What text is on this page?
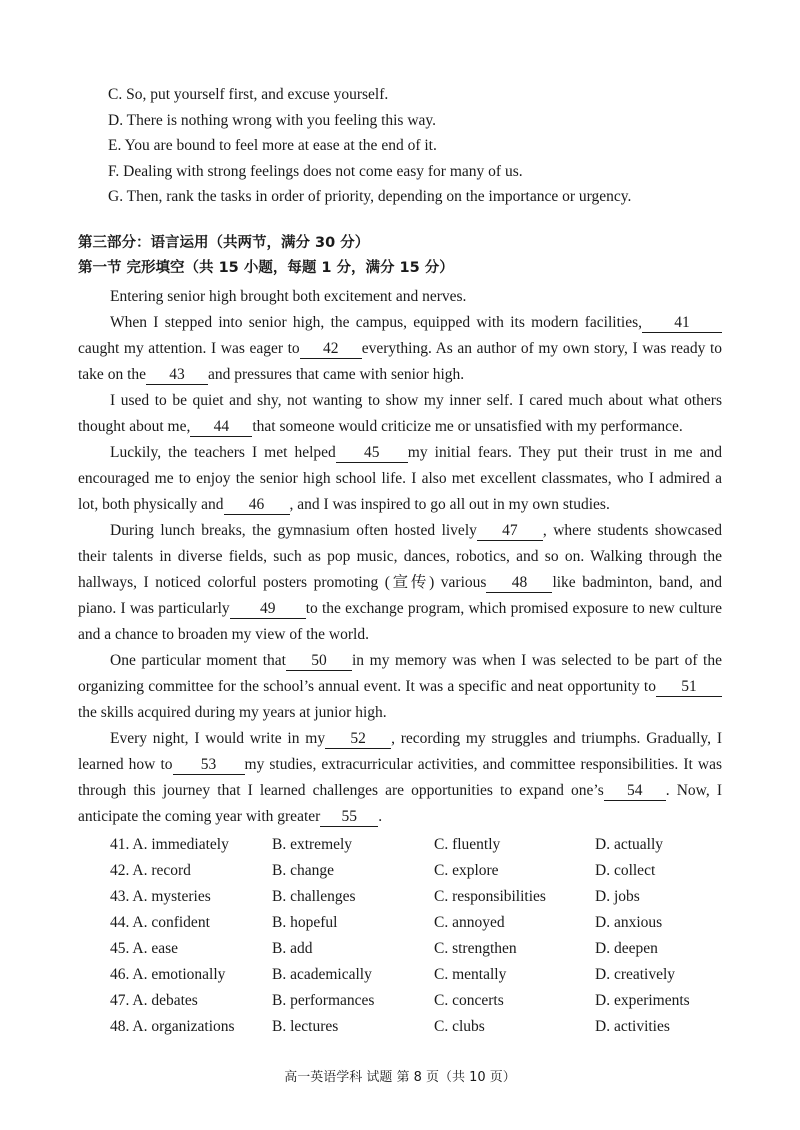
C. So, put yourself first, and excuse yourself.
D. There is nothing wrong with you feeling this way.
E. You are bound to feel more at ease at the end of it.
F. Dealing with strong feelings does not come easy for many of us.
G. Then, rank the tasks in order of priority, depending on the importance or urgency.
第三部分：语言运用（共两节，满分 30 分）
第一节 完形填空（共 15 小题，每题 1 分，满分 15 分）

Entering senior high brought both excitement and nerves.

When I stepped into senior high, the campus, equipped with its modern facilities, 41 caught my attention. I was eager to 42 everything. As an author of my own story, I was ready to take on the 43 and pressures that came with senior high.

I used to be quiet and shy, not wanting to show my inner self. I cared much about what others thought about me, 44 that someone would criticize me or unsatisfied with my performance.

Luckily, the teachers I met helped 45 my initial fears. They put their trust in me and encouraged me to enjoy the senior high school life. I also met excellent classmates, who I admired a lot, both physically and 46 , and I was inspired to go all out in my own studies.

During lunch breaks, the gymnasium often hosted lively 47 , where students showcased their talents in diverse fields, such as pop music, dances, robotics, and so on. Walking through the hallways, I noticed colorful posters promoting (宣传) various 48 like badminton, band, and piano. I was particularly 49 to the exchange program, which promised exposure to new culture and a chance to broaden my view of the world.

One particular moment that 50 in my memory was when I was selected to be part of the organizing committee for the school’s annual event. It was a specific and neat opportunity to 51the skills acquired during my years at junior high.

Every night, I would write in my 52 , recording my struggles and triumphs. Gradually, I learned how to 53 my studies, extracurricular activities, and committee responsibilities. It was through this journey that I learned challenges are opportunities to expand one’s 54 . Now, I anticipate the coming year with greater 55 .

41. A. immediately	B. extremely	C. fluently	D. actually
42. A. record	B. change	C. explore	D. collect
43. A. mysteries	B. challenges	C. responsibilities	D. jobs
44. A. confident	B. hopeful	C. annoyed	D. anxious
45. A. ease	B. add	C. strengthen	D. deepen
46. A. emotionally	B. academically	C. mentally	D. creatively
47. A. debates	B. performances	C. concerts	D. experiments
48. A. organizations	B. lectures	C. clubs	D. activities
高一英语学科 试题 第 8 页（共 10 页）
